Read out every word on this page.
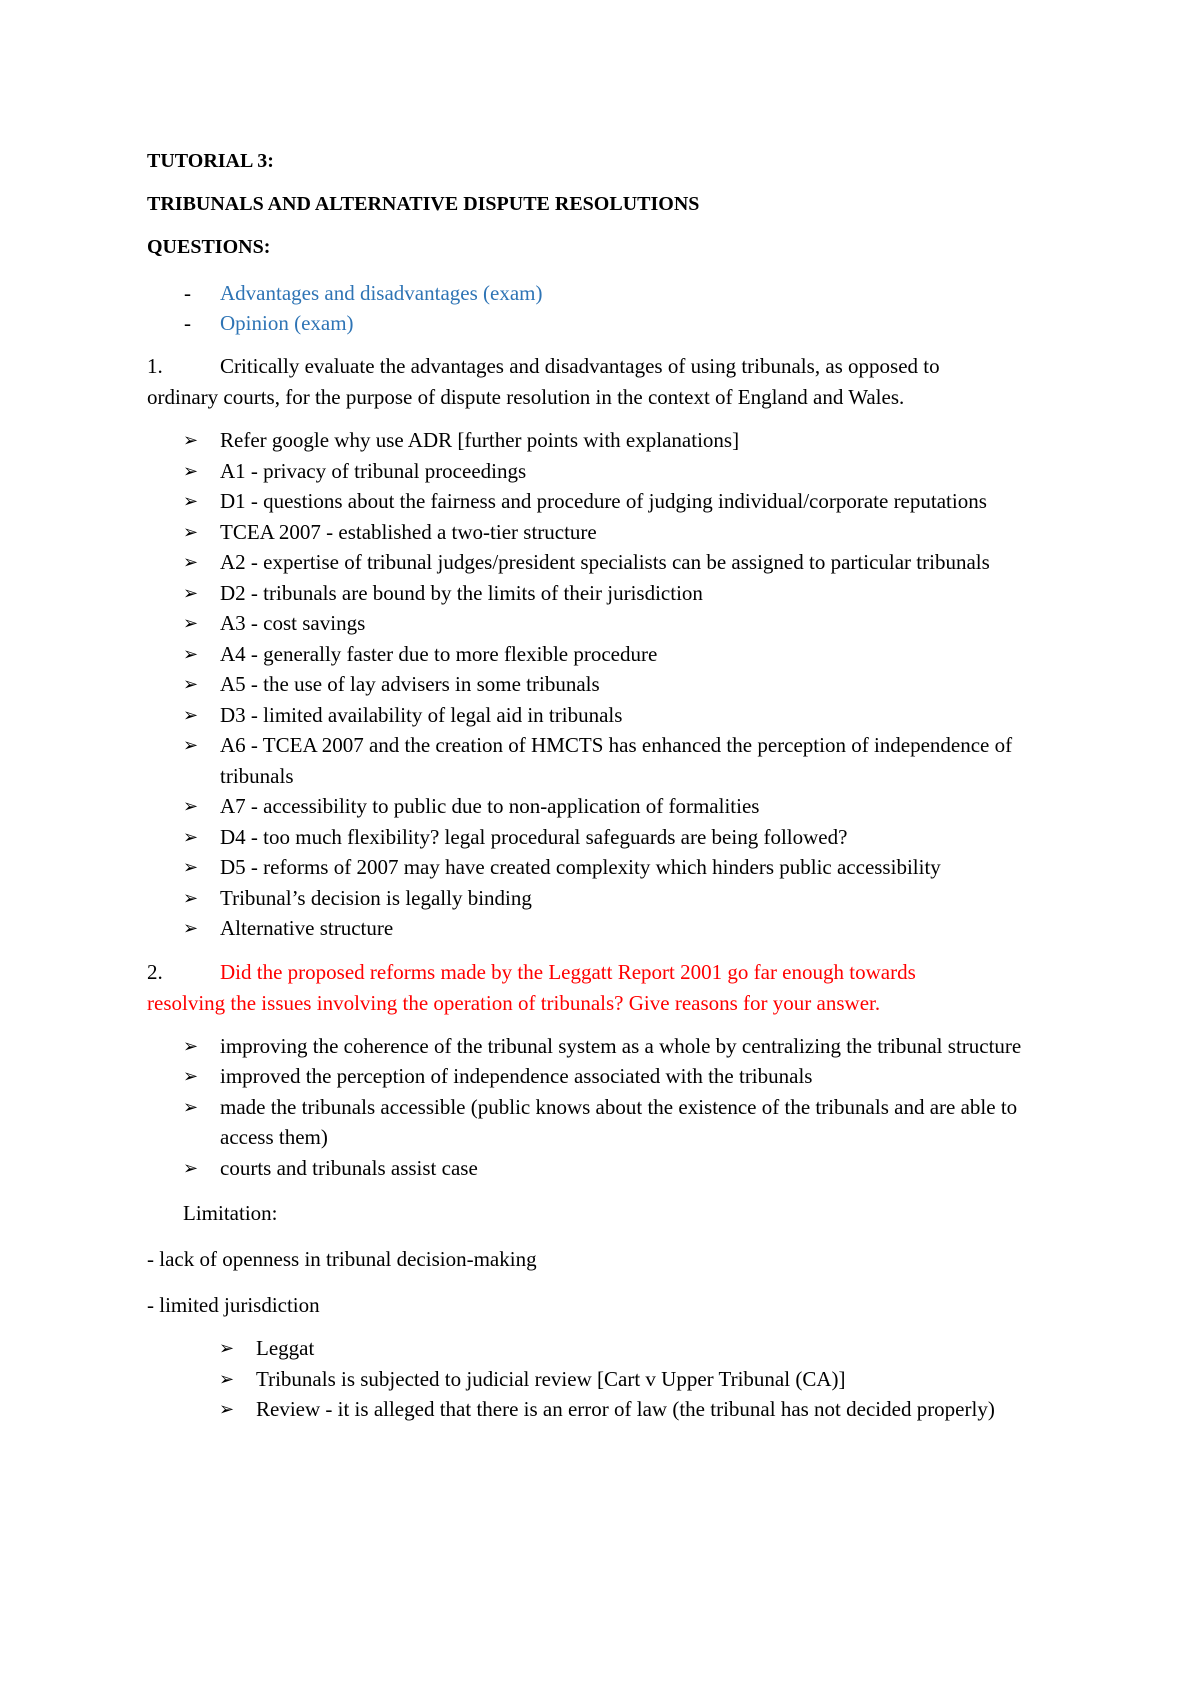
TUTORIAL 3:

TRIBUNALS AND ALTERNATIVE DISPUTE RESOLUTIONS

QUESTIONS:

- Advantages and disadvantages (exam)
- Opinion (exam)
1.	Critically evaluate the advantages and disadvantages of using tribunals, as opposed to
ordinary courts, for the purpose of dispute resolution in the context of England and Wales.
➢ Refer google why use ADR [further points with explanations]
➢ A1 - privacy of tribunal proceedings
➢ D1 - questions about the fairness and procedure of judging individual/corporate reputations
➢ TCEA 2007 - established a two-tier structure
➢ A2 - expertise of tribunal judges/president specialists can be assigned to particular tribunals
➢ D2 - tribunals are bound by the limits of their jurisdiction
➢ A3 - cost savings
➢ A4 - generally faster due to more flexible procedure
➢ A5 - the use of lay advisers in some tribunals
➢ D3 - limited availability of legal aid in tribunals
➢ A6 - TCEA 2007 and the creation of HMCTS has enhanced the perception of independence of tribunals
➢ A7 - accessibility to public due to non-application of formalities
➢ D4 - too much flexibility? legal procedural safeguards are being followed?
➢ D5 - reforms of 2007 may have created complexity which hinders public accessibility
➢ Tribunal’s decision is legally binding
➢ Alternative structure
2.	Did the proposed reforms made by the Leggatt Report 2001 go far enough towards
resolving the issues involving the operation of tribunals? Give reasons for your answer.
➢ improving the coherence of the tribunal system as a whole by centralizing the tribunal structure
➢ improved the perception of independence associated with the tribunals
➢ made the tribunals accessible (public knows about the existence of the tribunals and are able to access them)
➢ courts and tribunals assist case

Limitation:

- lack of openness in tribunal decision-making

- limited jurisdiction

➢ Leggat
➢ Tribunals is subjected to judicial review [Cart v Upper Tribunal (CA)]
➢ Review - it is alleged that there is an error of law (the tribunal has not decided properly)
